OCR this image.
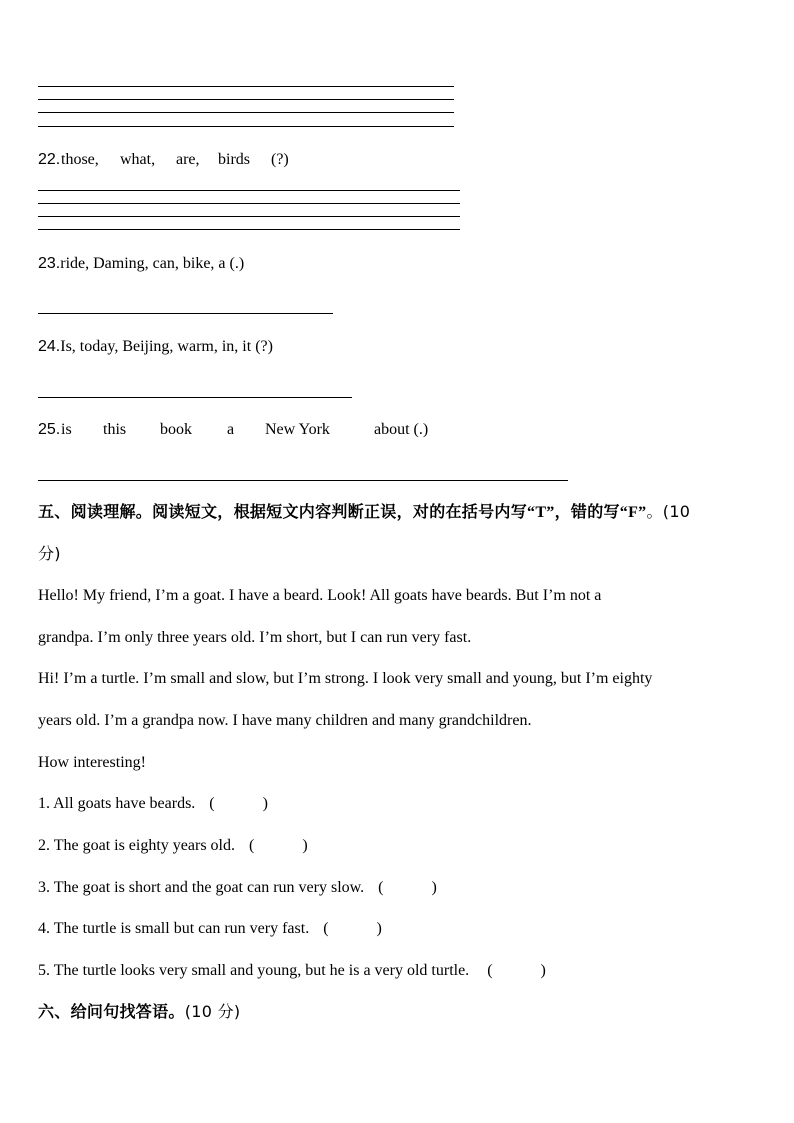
22. those, what, are, birds (?)
23.ride, Daming, can, bike, a (.)
24.Is, today, Beijing, warm, in, it (?)
25. is this book a New York	about (.)
五、阅读理解。阅读短文，根据短文内容判断正误，对的在括号内写“T”，错的写“F”。(10
分)
Hello! My friend, I’m a goat. I have a beard. Look! All goats have beards. But I’m not a
grandpa. I’m only three years old. I’m short, but I can run very fast.
Hi! I’m a turtle. I’m small and slow, but I’m strong. I look very small and young, but I’m eighty
years old. I’m a grandpa now. I have many children and many grandchildren.
How interesting!
1. All goats have beards. (            )
2. The goat is eighty years old. (            )
3. The goat is short and the goat can run very slow. (            )
4. The turtle is small but can run very fast. (            )
5. The turtle looks very small and young, but he is a very old turtle. (            )
六、给问句找答语。(10 分)
